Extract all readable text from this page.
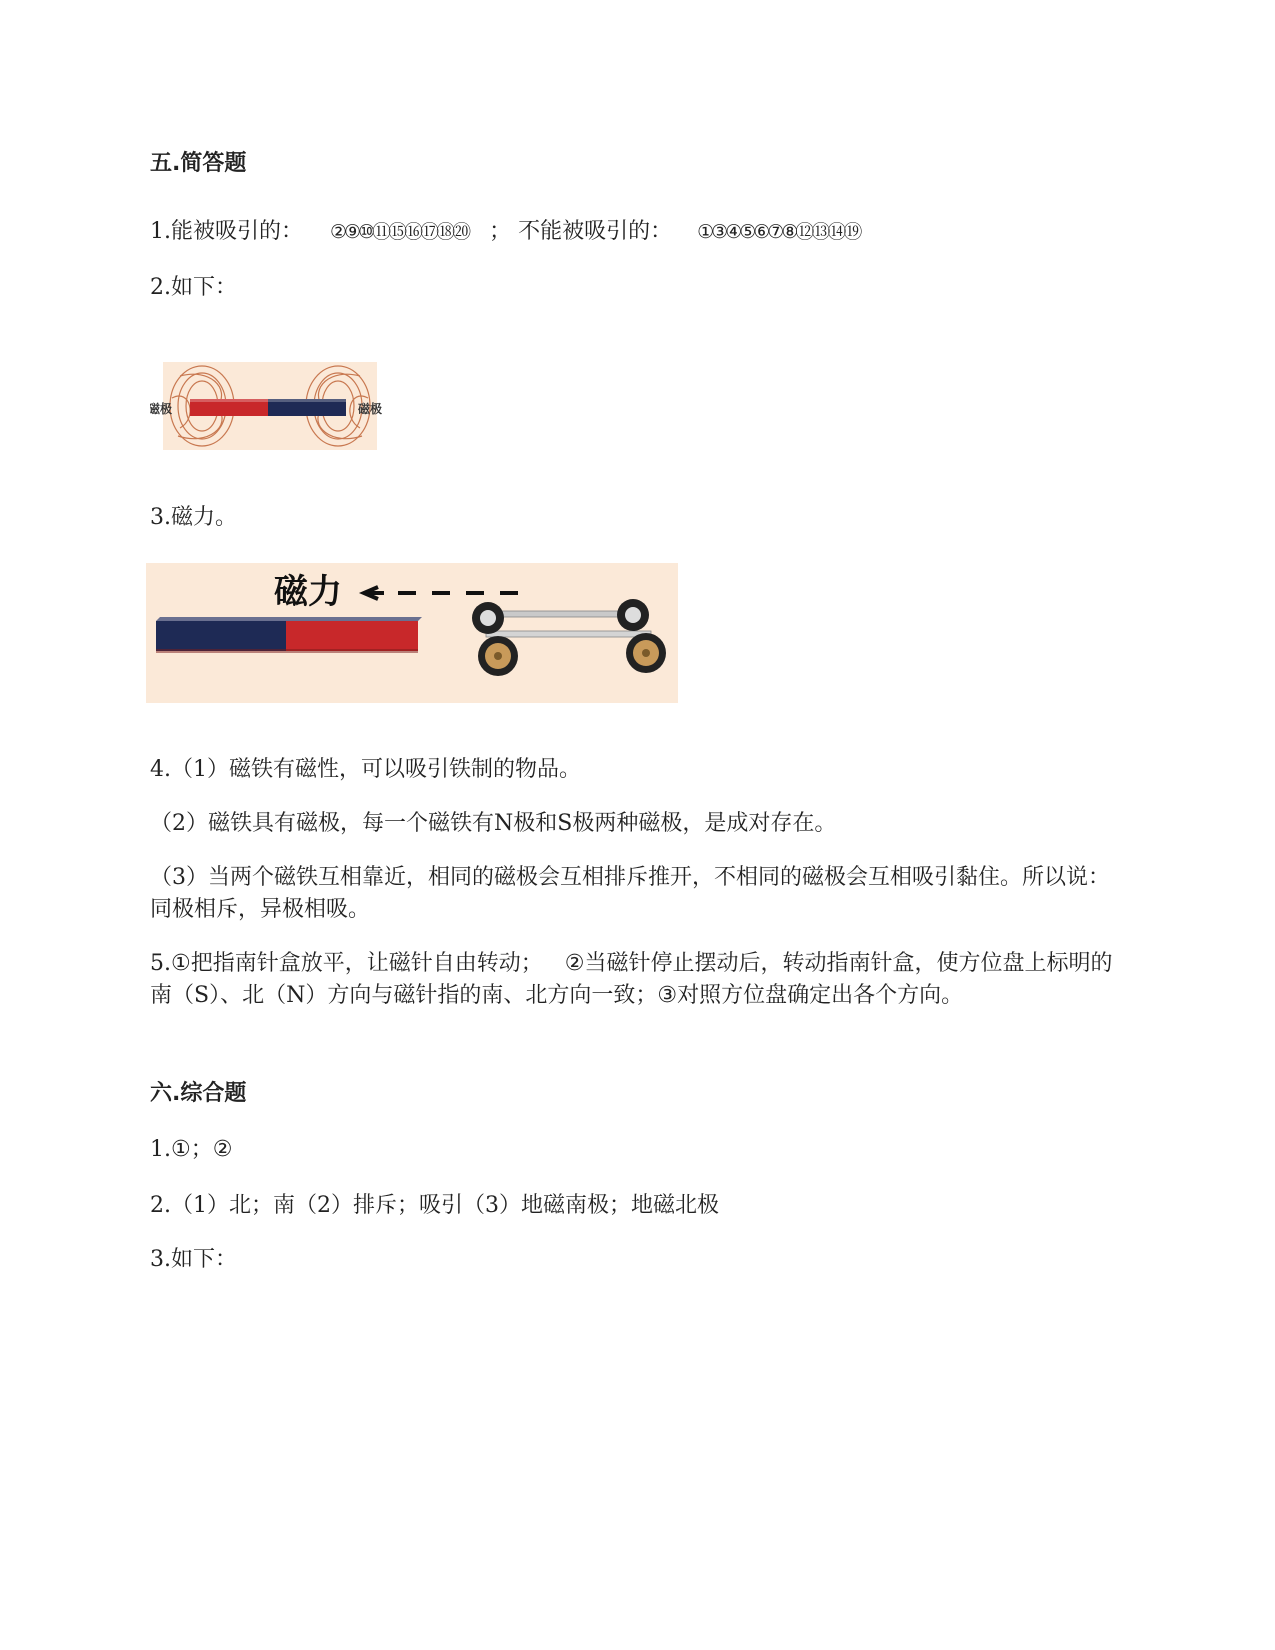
五.简答题
1.能被吸引的： ②⑨⑩⑪⑮⑯⑰⑱⑳ ； 不能被吸引的： ①③④⑤⑥⑦⑧⑫⑬⑭⑲
2.如下：
磁极	磁极
3.磁力。
磁力
4.（1）磁铁有磁性，可以吸引铁制的物品。
（2）磁铁具有磁极，每一个磁铁有N极和S极两种磁极，是成对存在。
（3）当两个磁铁互相靠近，相同的磁极会互相排斥推开，不相同的磁极会互相吸引黏住。所以说：同极相斥，异极相吸。
5.①把指南针盒放平，让磁针自由转动；  ②当磁针停止摆动后，转动指南针盒，使方位盘上标明的南（S）、北（N）方向与磁针指的南、北方向一致；③对照方位盘确定出各个方向。
六.综合题
1.①；②
2.（1）北；南（2）排斥；吸引（3）地磁南极；地磁北极
3.如下：
